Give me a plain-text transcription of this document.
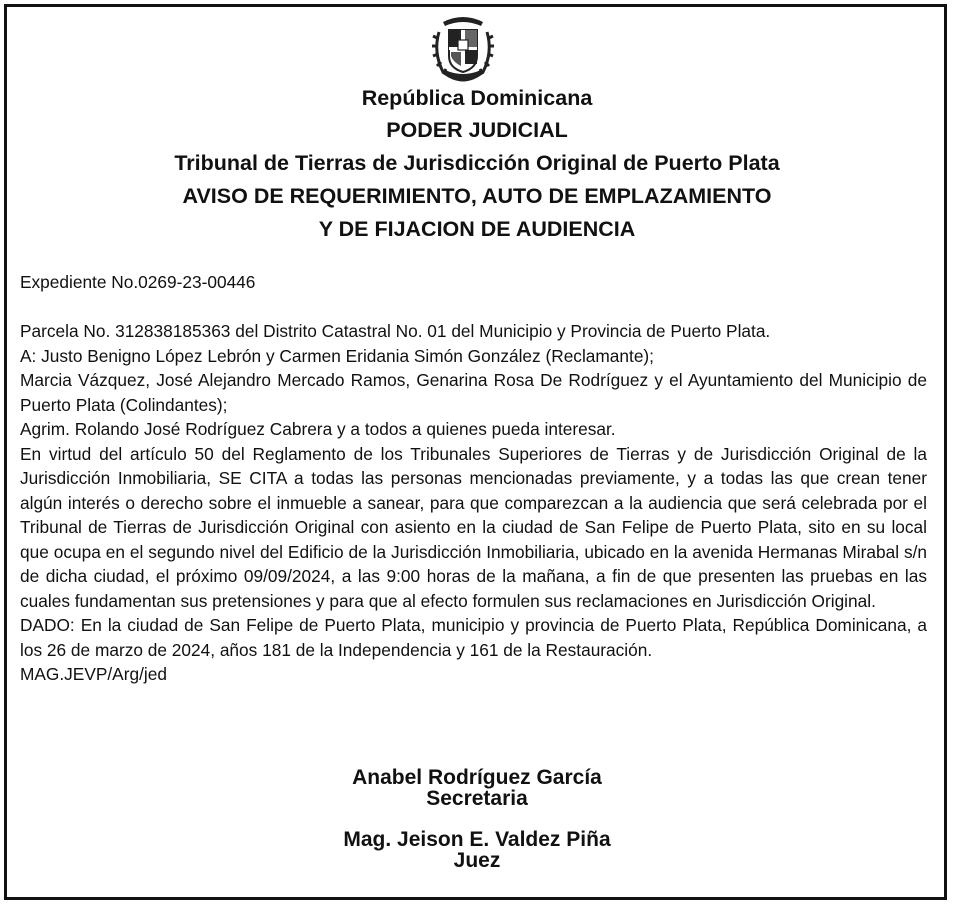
República Dominicana
PODER JUDICIAL
Tribunal de Tierras de Jurisdicción Original de Puerto Plata
AVISO DE REQUERIMIENTO, AUTO DE EMPLAZAMIENTO
Y DE FIJACION DE AUDIENCIA
Expediente No.0269-23-00446

Parcela No. 312838185363 del Distrito Catastral No. 01 del Municipio y Provincia de Puerto Plata.

A: Justo Benigno López Lebrón y Carmen Eridania Simón González (Reclamante);

Marcia Vázquez, José Alejandro Mercado Ramos, Genarina Rosa De Rodríguez y el Ayuntamiento del Municipio de Puerto Plata (Colindantes);

Agrim. Rolando José Rodríguez Cabrera y a todos a quienes pueda interesar.

En virtud del artículo 50 del Reglamento de los Tribunales Superiores de Tierras y de Jurisdicción Original de la Jurisdicción Inmobiliaria, SE CITA a todas las personas mencionadas previamente, y a todas las que crean tener algún interés o derecho sobre el inmueble a sanear, para que comparezcan a la audiencia que será celebrada por el Tribunal de Tierras de Jurisdicción Original con asiento en la ciudad de San Felipe de Puerto Plata, sito en su local que ocupa en el segundo nivel del Edificio de la Jurisdicción Inmobiliaria, ubicado en la avenida Hermanas Mirabal s/n de dicha ciudad, el próximo 09/09/2024, a las 9:00 horas de la mañana, a fin de que presenten las pruebas en las cuales fundamentan sus pretensiones y para que al efecto formulen sus reclamaciones en Jurisdicción Original.

DADO: En la ciudad de San Felipe de Puerto Plata, municipio y provincia de Puerto Plata, República Dominicana, a los 26 de marzo de 2024, años 181 de la Independencia y 161 de la Restauración.

MAG.JEVP/Arg/jed

Anabel Rodríguez García
Secretaria
Mag. Jeison E. Valdez Piña
Juez
